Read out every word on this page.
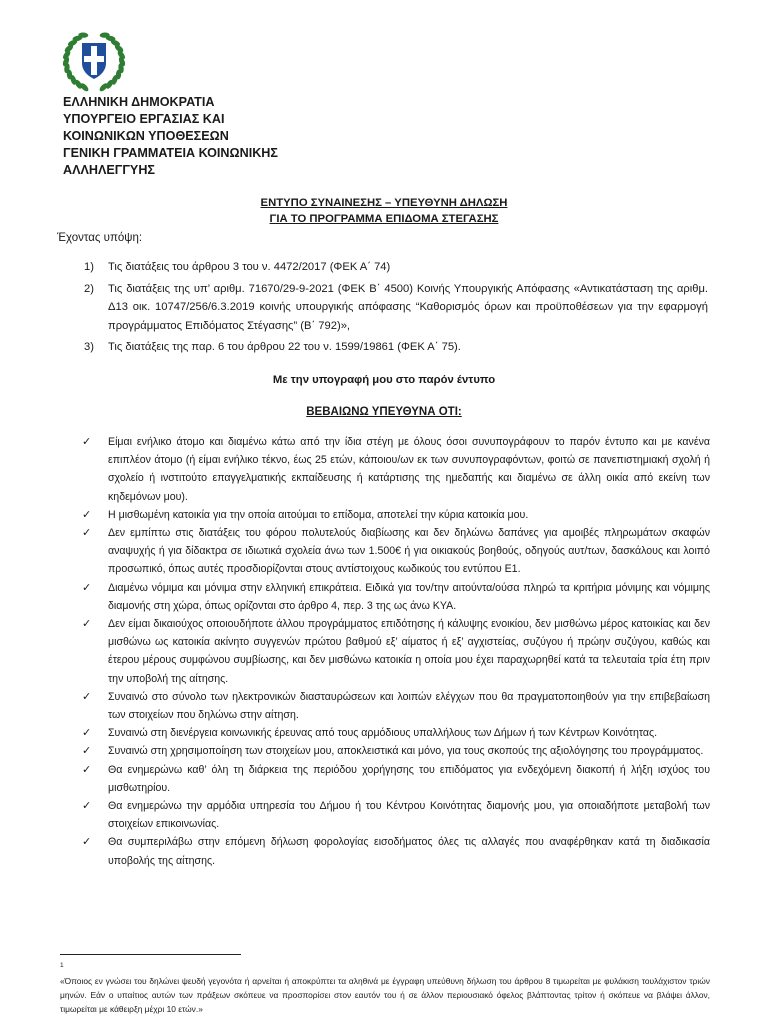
ΕΛΛΗΝΙΚΗ ΔΗΜΟΚΡΑΤΙΑ
ΥΠΟΥΡΓΕΙΟ ΕΡΓΑΣΙΑΣ ΚΑΙ
ΚΟΙΝΩΝΙΚΩΝ ΥΠΟΘΕΣΕΩΝ
ΓΕΝΙΚΗ ΓΡΑΜΜΑΤΕΙΑ ΚΟΙΝΩΝΙΚΗΣ
ΑΛΛΗΛΕΓΓΥΗΣ
ΕΝΤΥΠΟ ΣΥΝΑΙΝΕΣΗΣ – ΥΠΕΥΘΥΝΗ ΔΗΛΩΣΗ
ΓΙΑ ΤΟ ΠΡΟΓΡΑΜΜΑ ΕΠΙΔΟΜΑ ΣΤΕΓΑΣΗΣ
Έχοντας υπόψη:
1) Τις διατάξεις του άρθρου 3 του ν. 4472/2017 (ΦΕΚ Α΄ 74)
2) Τις διατάξεις της υπ’ αριθμ. 71670/29-9-2021 (ΦΕΚ Β΄ 4500) Κοινής Υπουργικής Απόφασης «Αντικατάσταση της αριθμ. Δ13 οικ. 10747/256/6.3.2019 κοινής υπουργικής απόφασης “Καθορισμός όρων και προϋποθέσεων για την εφαρμογή προγράμματος Επιδόματος Στέγασης” (Β΄ 792)»,
3) Τις διατάξεις της παρ. 6 του άρθρου 22 του ν. 1599/19861 (ΦΕΚ Α΄ 75).
Με την υπογραφή μου στο παρόν έντυπο
ΒΕΒΑΙΩΝΩ ΥΠΕΥΘΥΝΑ ΟΤΙ:
✓ Είμαι ενήλικο άτομο και διαμένω κάτω από την ίδια στέγη με όλους όσοι συνυπογράφουν το παρόν έντυπο και με κανένα επιπλέον άτομο (ή είμαι ενήλικο τέκνο, έως 25 ετών, κάποιου/ων εκ των συνυπογραφόντων, φοιτώ σε πανεπιστημιακή σχολή ή σχολείο ή ινστιτούτο επαγγελματικής εκπαίδευσης ή κατάρτισης της ημεδαπής και διαμένω σε άλλη οικία από εκείνη των κηδεμόνων μου).
✓ Η μισθωμένη κατοικία για την οποία αιτούμαι το επίδομα, αποτελεί την κύρια κατοικία μου.
✓ Δεν εμπίπτω στις διατάξεις του φόρου πολυτελούς διαβίωσης και δεν δηλώνω δαπάνες για αμοιβές πληρωμάτων σκαφών αναψυχής ή για δίδακτρα σε ιδιωτικά σχολεία άνω των 1.500€ ή για οικιακούς βοηθούς, οδηγούς αυτ/των, δασκάλους και λοιπό προσωπικό, όπως αυτές προσδιορίζονται στους αντίστοιχους κωδικούς του εντύπου Ε1.
✓ Διαμένω νόμιμα και μόνιμα στην ελληνική επικράτεια. Ειδικά για τον/την αιτούντα/ούσα πληρώ τα κριτήρια μόνιμης και νόμιμης διαμονής στη χώρα, όπως ορίζονται στο άρθρο 4, περ. 3 της ως άνω ΚΥΑ.
✓ Δεν είμαι δικαιούχος οποιουδήποτε άλλου προγράμματος επιδότησης ή κάλυψης ενοικίου, δεν μισθώνω μέρος κατοικίας και δεν μισθώνω ως κατοικία ακίνητο συγγενών πρώτου βαθμού εξ’ αίματος ή εξ’ αγχιστείας, συζύγου ή πρώην συζύγου, καθώς και έτερου μέρους συμφώνου συμβίωσης, και δεν μισθώνω κατοικία η οποία μου έχει παραχωρηθεί κατά τα τελευταία τρία έτη πριν την υποβολή της αίτησης.
✓ Συναινώ στο σύνολο των ηλεκτρονικών διασταυρώσεων και λοιπών ελέγχων που θα πραγματοποιηθούν για την επιβεβαίωση των στοιχείων που δηλώνω στην αίτηση.
✓ Συναινώ στη διενέργεια κοινωνικής έρευνας από τους αρμόδιους υπαλλήλους των Δήμων ή των Κέντρων Κοινότητας.
✓ Συναινώ στη χρησιμοποίηση των στοιχείων μου, αποκλειστικά και μόνο, για τους σκοπούς της αξιολόγησης του προγράμματος.
✓ Θα ενημερώνω καθ’ όλη τη διάρκεια της περιόδου χορήγησης του επιδόματος για ενδεχόμενη διακοπή ή λήξη ισχύος του μισθωτηρίου.
✓ Θα ενημερώνω την αρμόδια υπηρεσία του Δήμου ή του Κέντρου Κοινότητας διαμονής μου, για οποιαδήποτε μεταβολή των στοιχείων επικοινωνίας.
✓ Θα συμπεριλάβω στην επόμενη δήλωση φορολογίας εισοδήματος όλες τις αλλαγές που αναφέρθηκαν κατά τη διαδικασία υποβολής της αίτησης.
$^1$
«Όποιος εν γνώσει του δηλώνει ψευδή γεγονότα ή αρνείται ή αποκρύπτει τα αληθινά με έγγραφη υπεύθυνη δήλωση του άρθρου 8 τιμωρείται με φυλάκιση τουλάχιστον τριών μηνών. Εάν ο υπαίτιος αυτών των πράξεων σκόπευε να προσπορίσει στον εαυτόν του ή σε άλλον περιουσιακό όφελος βλάπτοντας τρίτον ή σκόπευε να βλάψει άλλον, τιμωρείται με κάθειρξη μέχρι 10 ετών.»
